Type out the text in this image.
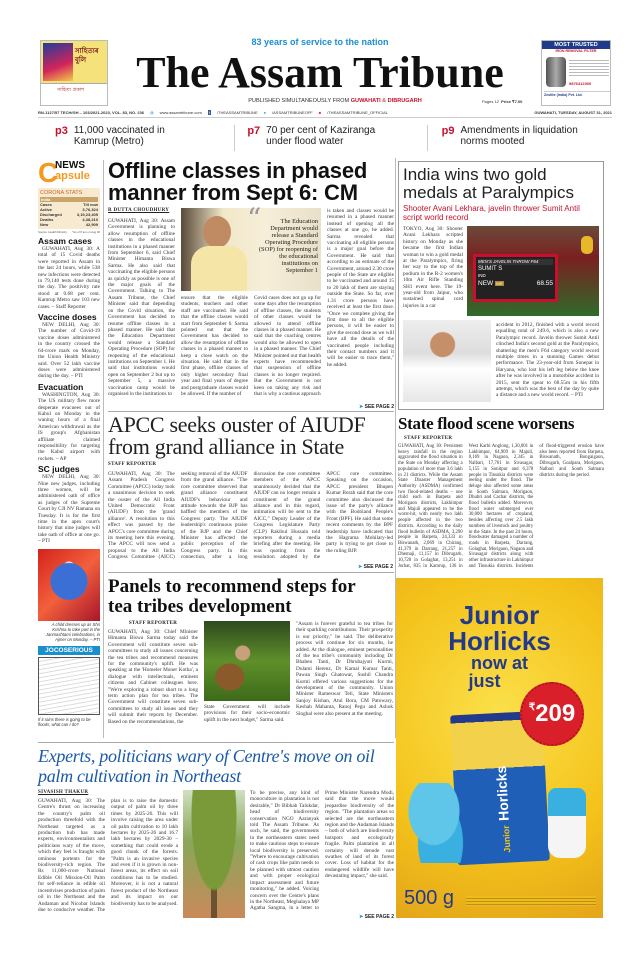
সাহিত্যৰ বুলি
সাহিত্য প্ৰকাশ
83 years of service to the nation
The Assam Tribune
PUBLISHED SIMULTANEOUSLY FROM GUWAHATI & DIBRUGARH	Pages 12 Price ₹7.00
MOST TRUSTED
IRON REMOVAL FILTER
9876412300
Zeolite (India) Pvt. Ltd.
RN-1127/57 TECH/GH – 103/2021-2023, VOL. 83, NO. 236 ◍ www.assamtribune.com f /THEASSAMTRIBUNE ● /ASSAMTRIBUNEOFF ■ /THEASSAMTRIBUNE_OFFICIAL	GUWAHATI, TUESDAY, AUGUST 31, 2021
p3 11,000 vaccinated in Kamrup (Metro)
p7 70 per cent of Kaziranga under flood water
p9 Amendments in liquidation norms mooted
C
NEWS
apsule
CORONA STATS
India
Cases	Till now
Active	3,76,324
Discharged	3,19,23,405
Deaths	4,38,210
New	42,909
Source: Health Ministry *As of 8 am on Aug 30
Assam cases
GUWAHATI, Aug 30: A total of 15 Covid deaths were reported in Assam in the last 24 hours, while 538 new infections were detected in 79,140 tests done during the day. The positivity rate stood at 0.68 per cent. Kamrup Metro saw 103 new cases. – Staff Reporter
Vaccine doses
NEW DELHI, Aug 30: The number of Covid-19 vaccine doses administered in the country crossed the 64-crore mark on Monday, the Union Health Ministry said. Over 52 lakh vaccine doses were administered during the day. – PTI
Evacuation
WASHINGTON, Aug 30: The US military flew more desperate evacuees out of Kabul on Monday in the waning hours of a final American withdrawal as the IS group's Afghanistan affiliate claimed responsibility for targeting the Kabul airport with rockets. – AP
SC judges
NEW DELHI, Aug 30: Nine new judges, including three women, will be administered oath of office as judges of the Supreme Court by CJI NV Ramana on Tuesday. It is for the first time in the apex court's history that nine judges will take oath of office at one go. – PTI
A child dresses up as Shri Krishna to take part in the Janmashtami celebrations, in Ajmer on Monday. – PTI
JOCOSERIOUS
If it rains there is going to be floods, what can I do?
Offline classes in phased manner from Sept 6: CM
R DUTTA CHOUDHURY	“	The Education Department would release a Standard Operating Procedure (SOP) for reopening of the educational institutions on September 1
GUWAHATI, Aug 30: Assam Government is planning to allow resumption of offline classes in the educational institutions in a phased manner from September 6, said Chief Minister Himanta Biswa Sarma. He also said that vaccinating the eligible persons as quickly as possible is one of the major goals of the Government. Talking to The Assam Tribune, the Chief Minister said that depending on the Covid situation, the Government has decided to resume offline classes in a phased manner. He said that the Education Department would release a Standard Operating Procedure (SOP) for reopening of the educational institutions on September 1. He said that institutions would open on September 2 but up to September 5, a massive vaccination camp would be organised in the institutions to
ensure that the eligible students, teachers and other staff are vaccinated. He said that the offline classes would start from September 6. Sarma pointed out that the Government has decided to allow the resumption of offline classes in a phased manner to keep a close watch on the situation. He said that in the first phase, offline classes of only higher secondary final year and final years of degree and postgraduate classes would be allowed. If the number of
Covid cases does not go up for some days after the resumption of offline classes, the students of other classes would be allowed to attend offline classes in a phased manner. He said that the coaching centres would also be allowed to open in a phased manner. The Chief Minister pointed out that health experts have recommended that suspension of offline classes is no longer required. But the Government is not keen on taking any risk and that is why a cautious approach
is taken and classes would be resumed in a phased manner instead of opening all the classes at one go, he added. Sarma revealed that vaccinating all eligible persons is a major goal before the Government. He said that according to an estimate of the Government, around 2.30 crore people of the State are eligible to be vaccinated and around 15 to 20 lakh of them are staying outside the State. So far, over 1.31 crore persons have received at least the first dose. "Once we complete giving the first dose to all the eligible persons, it will be easier to give the second dose as we will have all the details of the vaccinated people including their contact numbers and it will be easier to trace them," he added.
➤ SEE PAGE 2
APCC seeks ouster of AIUDF from grand alliance in State
STAFF REPORTER
GUWAHATI, Aug 30: The Assam Pradesh Congress Committee (APCC) today took a unanimous decision to seek the ouster of the All India United Democratic Front (AIUDF) from the 'grand alliance'. A resolution to this effect was passed by the APCC's core committee during its meeting here this evening. The APCC will now send a proposal to the All India Congress Committee (AICC) seeking removal of the AIUDF from the grand alliance. "The core committee observed that grand alliance constituent AIUDF's behaviour and attitude towards the BJP has baffled the members of the Congress party. The AIUDF leadership's continuous praise of the BJP and the Chief Minister has affected the public perception of the Congress party. In this connection, after a long discussion the core committee members of the APCC unanimously decided that the AIUDF can no longer remain a constituent of the grand alliance and in this regard, intimation will be sent to the AICC," Deputy Leader of the Congress Legislature Party (CLP) Rakibul Hussain told reporters during a media briefing after the meeting. He was quoting from the resolution adopted by the APCC core committee. Speaking on the occasion, APCC president Bhupen Kumar Borah said that the core committee also discussed the issue of the party's alliance with the Bodoland People's Front (BPF). He said that some recent comments by the BPF leadership have indicated that the Hagrama Mohilary-led party is trying to get close to the ruling BJP.
➤ SEE PAGE 2
Panels to recommend steps for tea tribes development
STAFF REPORTER
GUWAHATI, Aug 30: Chief Minister Himanta Biswa Sarma today said the Government will constitute seven sub-committees to study all issues concerning the tea tribes and recommend measures for the community's uplift. He was speaking at the 'Homeler Moner Kotha', a dialogue with intellectuals, eminent citizens and Cabinet colleagues here. "We're exploring a robust short to a long term action plan for tea tribes. The Government will constitute seven sub-committees to study all issues and they will submit their reports by December. Based on the recommendations, the
State Government will include provisions for their socio-economic uplift in the next budget," Sarma said.
"Assam is forever grateful to tea tribes for their sparkling contributions. Their prosperity is our priority," he said. The deliberative process will continue for six months, he added. At the dialogue, eminent personalities of the tea tribe's community including Dr Bhaben Tanti, Dr Dhrubajyoti Kurmi, Dulami Herenz, Dr Kamal Kumar Tanti, Pawan Singh Ghatowar, Sushil Chandra Kurmi offered various suggestions for the development of the community. Union Minister Rameswar Teli, State Ministers Sanjoy Kishan, Atul Bora, CM Patowary, Keshab Mahanta, Ranoj Pegu and Ashok Singhal were also present at the meeting.
India wins two gold medals at Paralympics
Shooter Avani Lekhara, javelin thrower Sumit Antil script world record
TOKYO, Aug 30: Shooter Avani Lekhara scripted history on Monday as she became the first Indian woman to win a gold medal at the Paralympics, firing her way to the top of the podium in the R-2 women's 10m Air Rifle Standing SH1 event here. The 19-year-old from Jaipur, who sustained spinal cord injuries in a car
MEN'S JAVELIN THROW F64
SUMIT S
IND
NEW WR	68.55
accident in 2012, finished with a world record equalling total of 249.6, which is also a new Paralympic record. Javelin thrower Sumit Antil clinched India's second gold at the Paralympics, shattering the men's F64 category world record multiple times in a stunning Games debut performance. The 23-year-old from Sonepat in Haryana, who lost his left leg below the knee after he was involved in a motorbike accident in 2015, sent the spear to 68.55m in his fifth attempt, which was the best of the day by quite a distance and a new world record. – PTI
State flood scene worsens
STAFF REPORTER
GUWAHATI, Aug 30: Persistent heavy rainfall in the region aggravated the flood situation in the State on Monday affecting a population of more than 3.6 lakh in 21 districts. While the Assam State Disaster Management Authority (ASDMA) confirmed two flood-related deaths – one child each in Barpeta and Morigaon districts, Lakhimpur and Majuli appeared to be the worst-hit, with nearly two lakh people affected in the two districts. According to the daily flood bulletin of ASDMA, 3,290 people in Barpeta, 24,333 in Biswanath, 2,069 in Chirang, 41,379 in Darrang, 21,257 in Dhemaji, 11,157 in Dibrugarh, 10,720 in Golaghat, 13,251 in Jorhat, 835 in Kamrup, 136 in West Karbi Anglong, 1,30,001 in Lakhimpur, 64,909 in Majuli, 8,169 in Nagaon, 2,345 in Nalbari, 17,761 in Sivasagar, 5,155 in Sonitpur and 6,378 people in Tinsukia districts were reeling under the flood. The deluge also affected some areas in South Salmara, Morigaon, Dhubri and Cachar districts, the flood bulletin added. Moreover, flood water submerged over 30,000 hectares of cropland, besides affecting over 2.5 lakh numbers of livestock and poultry in the State. In the past 24 hours, floodwater damaged a number of roads in Barpeta, Darrang, Golaghat, Morigaon, Nagaon and Sivasagar districts along with other infrastructure in Lakhimpur and Tinsukia districts. Incidents of flood-triggered erosion have also been reported from Barpeta, Biswanath, Bongaigaon, Dibrugarh, Goalpara, Morigaon, Nalbari and South Salmara districts during the period.
Junior
Horlicks
now at
just
Junior Horlicks
₹ 209
500 g
Experts, politicians wary of Centre's move on oil palm cultivation in Northeast
SIVASISH THAKUR
GUWAHATI, Aug 30: The Centre's thrust on increasing the country's palm oil production threefold with the Northeast targeted as a production hub has made experts, environmentalists and politicians wary of the move, which they feel is fraught with ominous portents for the biodiversity-rich region. The Rs 11,000-crore National Edible Oil Mission-Oil Palm for self-reliance in edible oil incentivises production of palm oil in the Northeast and the Andaman and Nicobar Islands due to conducive weather. The plan is to raise the domestic output of palm oil by three times by 2025-26. This will involve raising the area under oil palm cultivation to 10 lakh hectares by 2025-26 and 16.7 lakh hectares by 2029-30 – something that could erode a good chunk of the forests. "Palm is an invasive species and even if it is grown in non-forest areas, its effect on soil conditions has to be studied. Moreover, it is not a natural forest product of the Northeast and its impact on our biodiversity has to be analysed.
To be precise, any kind of monoculture in plantation is not desirable," Dr Bibhab Talukdar, head of biodiversity conservation NGO Aaranyak told The Assam Tribune. As such, he said, the governments in the northeastern states need to make cautious steps to ensure local biodiversity is preserved. "Where to encourage cultivation of cash crops like palm needs to be planned with utmost caution and with proper ecological impact assessment and future monitoring," he added. Voicing concern over the Centre's plans in the Northeast, Meghalaya MP Agatha Sangma, in a letter to Prime Minister Narendra Modi, said that the move would jeopardise biodiversity of the region. "The plantation areas so selected are the northeastern region and the Andaman Islands – both of which are biodiversity hotspots and ecologically fragile. Palm plantation in all certainty will denude vast swathes of land of its forest cover. Loss of habitat for the endangered wildlife will have devastating impact," she said.
➤ SEE PAGE 2
